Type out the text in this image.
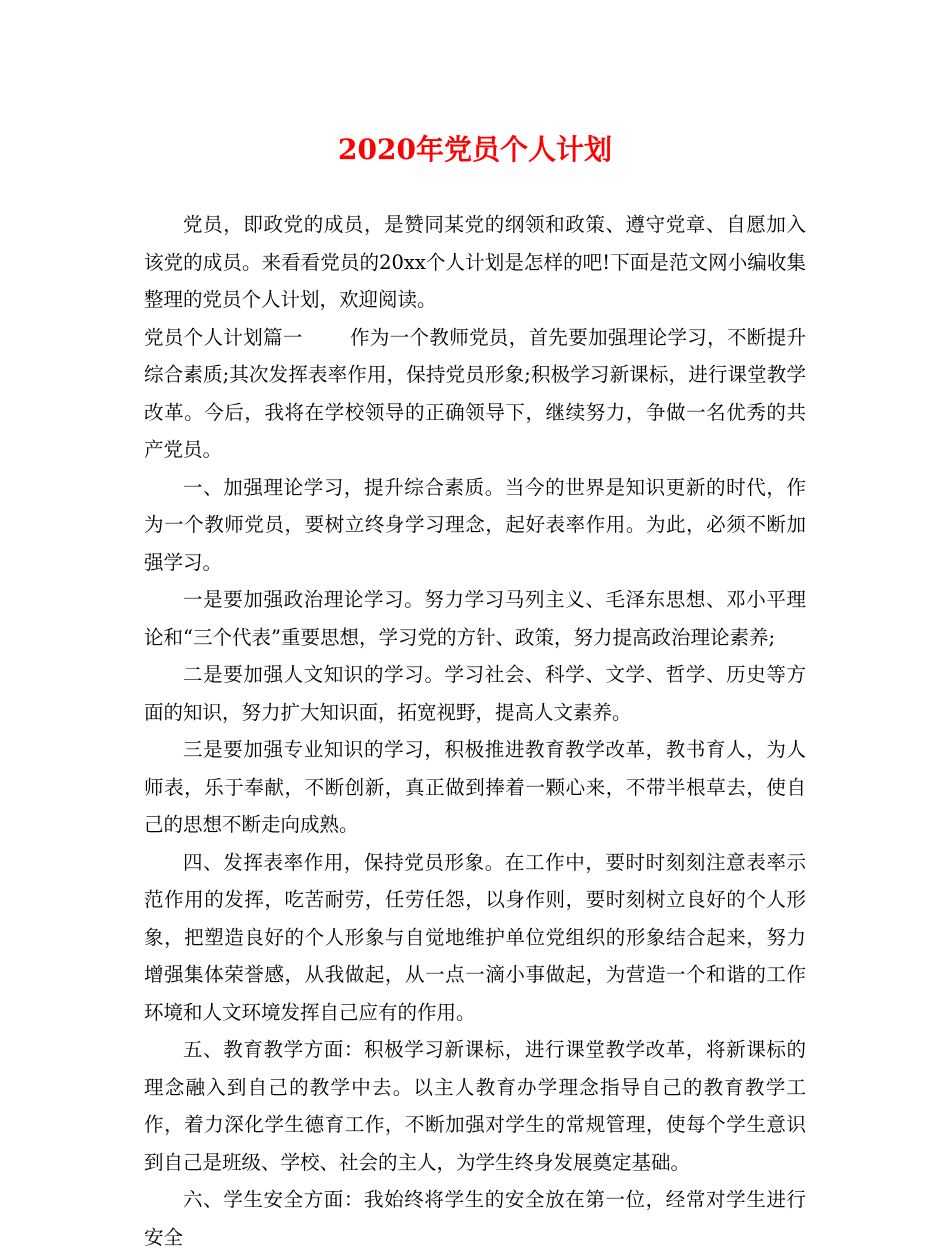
2020年党员个人计划

党员，即政党的成员，是赞同某党的纲领和政策、遵守党章、自愿加入该党的成员。来看看党员的20xx个人计划是怎样的吧!下面是范文网小编收集整理的党员个人计划，欢迎阅读。

党员个人计划篇一 作为一个教师党员，首先要加强理论学习，不断提升综合素质;其次发挥表率作用，保持党员形象;积极学习新课标，进行课堂教学改革。今后，我将在学校领导的正确领导下，继续努力，争做一名优秀的共产党员。

一、加强理论学习，提升综合素质。当今的世界是知识更新的时代，作为一个教师党员，要树立终身学习理念，起好表率作用。为此，必须不断加强学习。

一是要加强政治理论学习。努力学习马列主义、毛泽东思想、邓小平理论和“三个代表”重要思想，学习党的方针、政策，努力提高政治理论素养;

二是要加强人文知识的学习。学习社会、科学、文学、哲学、历史等方面的知识，努力扩大知识面，拓宽视野，提高人文素养。

三是要加强专业知识的学习，积极推进教育教学改革，教书育人，为人师表，乐于奉献，不断创新，真正做到捧着一颗心来，不带半根草去，使自己的思想不断走向成熟。

四、发挥表率作用，保持党员形象。在工作中，要时时刻刻注意表率示范作用的发挥，吃苦耐劳，任劳任怨，以身作则，要时刻树立良好的个人形象，把塑造良好的个人形象与自觉地维护单位党组织的形象结合起来，努力增强集体荣誉感，从我做起，从一点一滴小事做起，为营造一个和谐的工作环境和人文环境发挥自己应有的作用。

五、教育教学方面：积极学习新课标，进行课堂教学改革，将新课标的理念融入到自己的教学中去。以主人教育办学理念指导自己的教育教学工作，着力深化学生德育工作，不断加强对学生的常规管理，使每个学生意识到自己是班级、学校、社会的主人，为学生终身发展奠定基础。

六、学生安全方面：我始终将学生的安全放在第一位，经常对学生进行安全
